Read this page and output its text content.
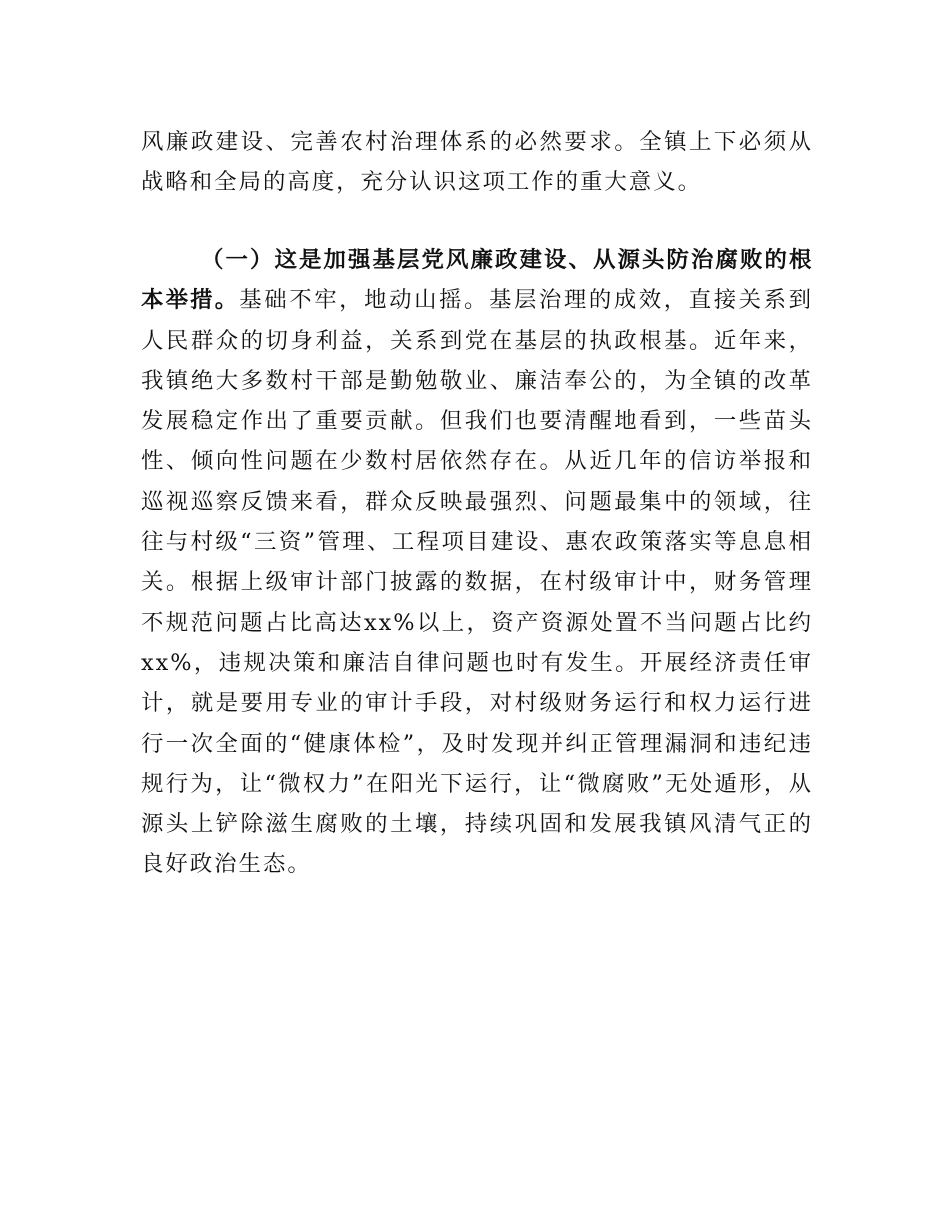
风廉政建设、完善农村治理体系的必然要求。全镇上下必须从战略和全局的高度，充分认识这项工作的重大意义。

（一）这是加强基层党风廉政建设、从源头防治腐败的根本举措。基础不牢，地动山摇。基层治理的成效，直接关系到人民群众的切身利益，关系到党在基层的执政根基。近年来，我镇绝大多数村干部是勤勉敬业、廉洁奉公的，为全镇的改革发展稳定作出了重要贡献。但我们也要清醒地看到，一些苗头性、倾向性问题在少数村居依然存在。从近几年的信访举报和巡视巡察反馈来看，群众反映最强烈、问题最集中的领域，往往与村级“三资”管理、工程项目建设、惠农政策落实等息息相关。根据上级审计部门披露的数据，在村级审计中，财务管理不规范问题占比高达xx%以上，资产资源处置不当问题占比约xx%，违规决策和廉洁自律问题也时有发生。开展经济责任审计，就是要用专业的审计手段，对村级财务运行和权力运行进行一次全面的“健康体检”，及时发现并纠正管理漏洞和违纪违规行为，让“微权力”在阳光下运行，让“微腐败”无处遁形，从源头上铲除滋生腐败的土壤，持续巩固和发展我镇风清气正的良好政治生态。
